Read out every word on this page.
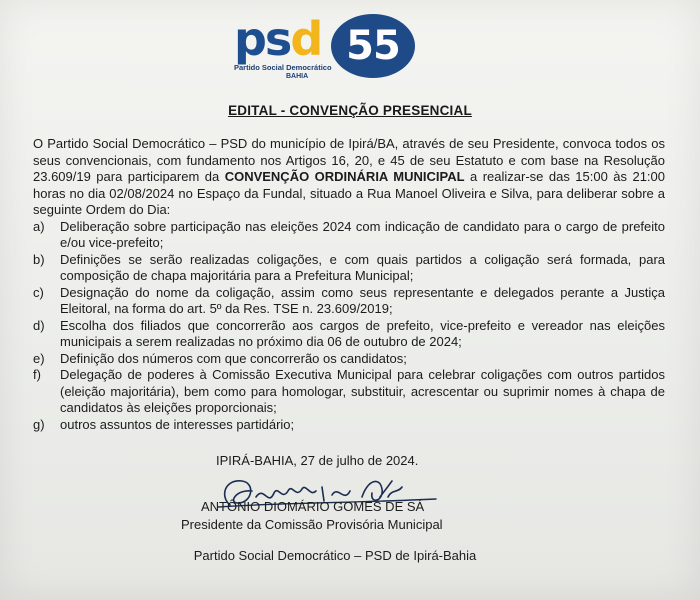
psd 55
Partido Social Democrático
BAHIA
EDITAL - CONVENÇÃO PRESENCIAL

O Partido Social Democrático – PSD do município de Ipirá/BA, através de seu Presidente, convoca todos os seus convencionais, com fundamento nos Artigos 16, 20, e 45 de seu Estatuto e com base na Resolução 23.609/19 para participarem da CONVENÇÃO ORDINÁRIA MUNICIPAL a realizar-se das 15:00 às 21:00 horas no dia 02/08/2024 no Espaço da Fundal, situado a Rua Manoel Oliveira e Silva, para deliberar sobre a seguinte Ordem do Dia:

a) Deliberação sobre participação nas eleições 2024 com indicação de candidato para o cargo de prefeito e/ou vice-prefeito;

b) Definições se serão realizadas coligações, e com quais partidos a coligação será formada, para composição de chapa majoritária para a Prefeitura Municipal;

c) Designação do nome da coligação, assim como seus representante e delegados perante a Justiça Eleitoral, na forma do art. 5º da Res. TSE n. 23.609/2019;

d) Escolha dos filiados que concorrerão aos cargos de prefeito, vice-prefeito e vereador nas eleições municipais a serem realizadas no próximo dia 06 de outubro de 2024;

e) Definição dos números com que concorrerão os candidatos;

f) Delegação de poderes à Comissão Executiva Municipal para celebrar coligações com outros partidos (eleição majoritária), bem como para homologar, substituir, acrescentar ou suprimir nomes à chapa de candidatos às eleições proporcionais;

g) outros assuntos de interesses partidário;

IPIRÁ-BAHIA, 27 de julho de 2024.
ANTÔNIO DIOMÁRIO GOMES DE SÁ
Presidente da Comissão Provisória Municipal
Partido Social Democrático – PSD de Ipirá-Bahia
